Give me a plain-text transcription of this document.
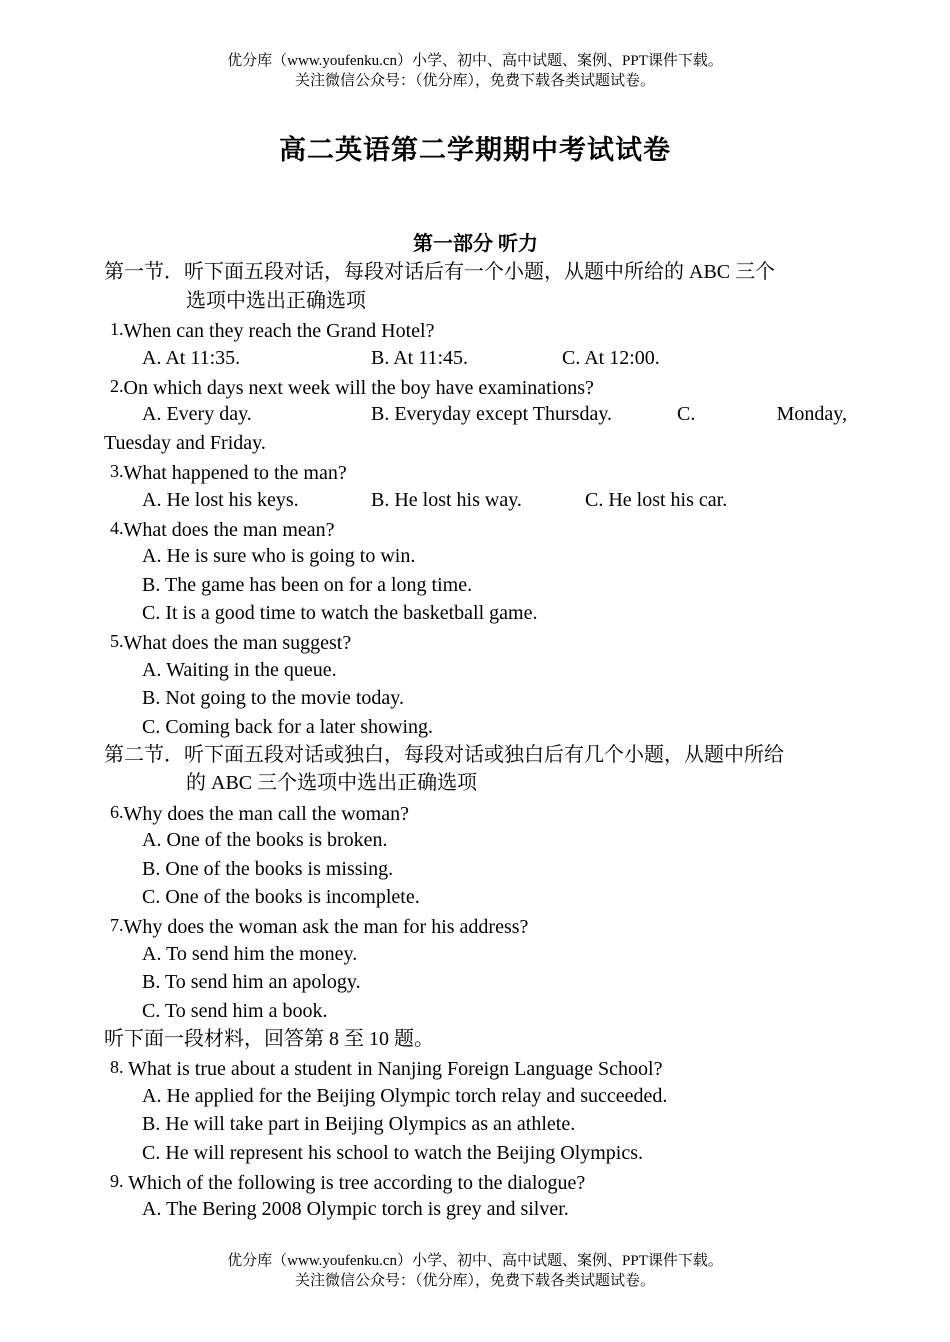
优分库（www.youfenku.cn）小学、初中、高中试题、案例、PPT课件下载。
关注微信公众号：（优分库），免费下载各类试题试卷。
高二英语第二学期期中考试试卷
第一部分 听力
第一节．听下面五段对话，每段对话后有一个小题，从题中所给的 ABC 三个
选项中选出正确选项
1.When can they reach the Grand Hotel?
A. At 11:35.	B. At 11:45.	C. At 12:00.
2.On which days next week will the boy have examinations?
A. Every day.	B. Everyday except Thursday.	C.	Monday,
Tuesday and Friday.
3.What happened to the man?
A. He lost his keys.	B. He lost his way.	C. He lost his car.
4.What does the man mean?
A. He is sure who is going to win.
B. The game has been on for a long time.
C. It is a good time to watch the basketball game.
5.What does the man suggest?
A. Waiting in the queue.
B. Not going to the movie today.
C. Coming back for a later showing.
第二节．听下面五段对话或独白，每段对话或独白后有几个小题，从题中所给
的 ABC 三个选项中选出正确选项
6.Why does the man call the woman?
A. One of the books is broken.
B. One of the books is missing.
C. One of the books is incomplete.
7.Why does the woman ask the man for his address?
A. To send him the money.
B. To send him an apology.
C. To send him a book.
听下面一段材料，回答第 8 至 10 题。
8. What is true about a student in Nanjing Foreign Language School?
A. He applied for the Beijing Olympic torch relay and succeeded.
B. He will take part in Beijing Olympics as an athlete.
C. He will represent his school to watch the Beijing Olympics.
9. Which of the following is tree according to the dialogue?
A. The Bering 2008 Olympic torch is grey and silver.
优分库（www.youfenku.cn）小学、初中、高中试题、案例、PPT课件下载。
关注微信公众号：（优分库），免费下载各类试题试卷。
